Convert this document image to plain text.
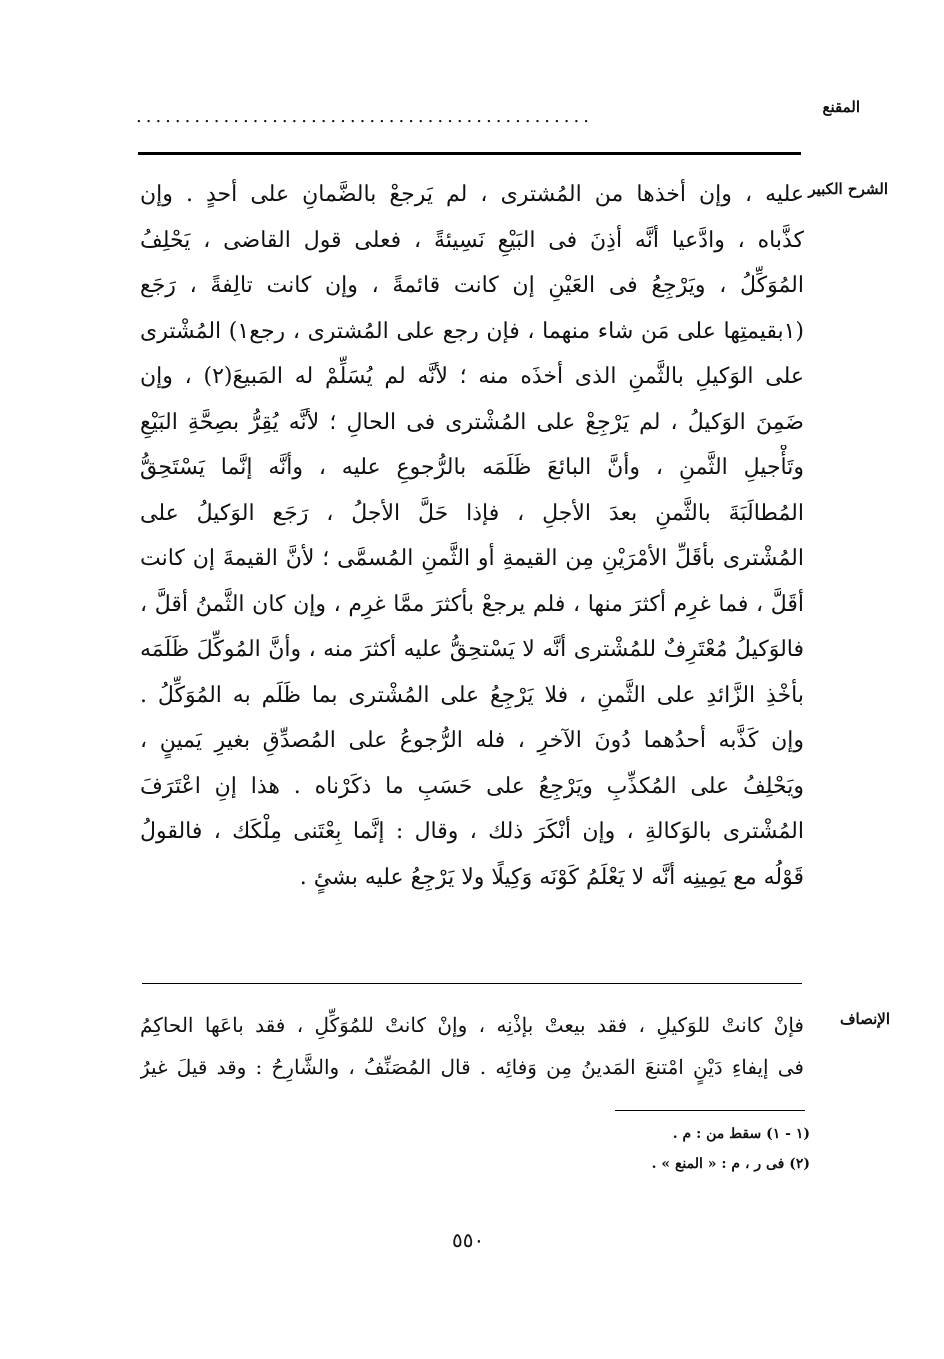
المقنع
...............................................
الشرح الكبير
عليه ، وإن أخذها من المُشترى ، لم يَرجعْ بالضَّمانِ على أحدٍ . وإن
كذَّباه ، وادَّعيا أنَّه أذِنَ فى البَيْعِ نَسِيئةً ، فعلى قول القاضى ، يَحْلِفُ
المُوَكِّلُ ، ويَرْجِعُ فى العَيْنِ إن كانت قائمةً ، وإن كانت تالِفةً ، رَجَع
(١بقيمتِها على مَن شاء منهما ، فإن رجع على المُشترى ، رجع١) المُشْترى
على الوَكيلِ بالثَّمنِ الذى أخذَه منه ؛ لأنَّه لم يُسَلِّمْ له المَبيعَ(٢) ، وإن
ضَمِنَ الوَكيلُ ، لم يَرْجِعْ على المُشْترى فى الحالِ ؛ لأنَّه يُقِرُّ بصِحَّةِ البَيْعِ
وتَأْجيلِ الثَّمنِ ، وأنَّ البائعَ ظَلَمَه بالرُّجوعِ عليه ، وأنَّه إنَّما يَسْتَحِقُّ
المُطالَبَةَ بالثَّمنِ بعدَ الأجلِ ، فإذا حَلَّ الأجلُ ، رَجَع الوَكيلُ على
المُشْترى بأقَلِّ الأمْرَيْنِ مِن القيمةِ أو الثَّمنِ المُسمَّى ؛ لأنَّ القيمةَ إن كانت
أقَلَّ ، فما غرِم أكثرَ منها ، فلم يرجعْ بأكثرَ ممَّا غرِم ، وإن كان الثَّمنُ أقلَّ ،
فالوَكيلُ مُعْتَرِفٌ للمُشْترى أنَّه لا يَسْتحِقُّ عليه أكثرَ منه ، وأنَّ المُوكِّلَ ظَلَمَه
بأخْذِ الزَّائدِ على الثَّمنِ ، فلا يَرْجِعُ على المُشْترى بما ظَلَم به المُوَكِّلُ .
وإن كَذَّبه أحدُهما دُونَ الآخرِ ، فله الرُّجوعُ على المُصدِّقِ بغيرِ يَمينٍ ،
ويَحْلِفُ على المُكذِّبِ ويَرْجِعُ على حَسَبِ ما ذكَرْناه . هذا إنِ اعْتَرَفَ
المُشْترى بالوَكالةِ ، وإن أنْكَرَ ذلك ، وقال : إنَّما بِعْتَنى مِلْكَك ، فالقولُ
قَوْلُه مع يَمِينِه أنَّه لا يَعْلَمُ كَوْنَه وَكِيلًا ولا يَرْجِعُ عليه بشئٍ .
الإنصاف
فإنْ كانتْ للوَكيلِ ، فقد بيعتْ بإذْنِه ، وإنْ كانتْ للمُوَكِّلِ ، فقد باعَها الحاكِمُ
فى إيفاءِ دَيْنٍ امْتنعَ المَدينُ مِن وَفائِه . قال المُصَنِّفُ ، والشَّارِحُ : وقد قيلَ غيرُ
(١ - ١) سقط من : م .
(٢) فى ر ، م : « المنع » .
٥٥٠
